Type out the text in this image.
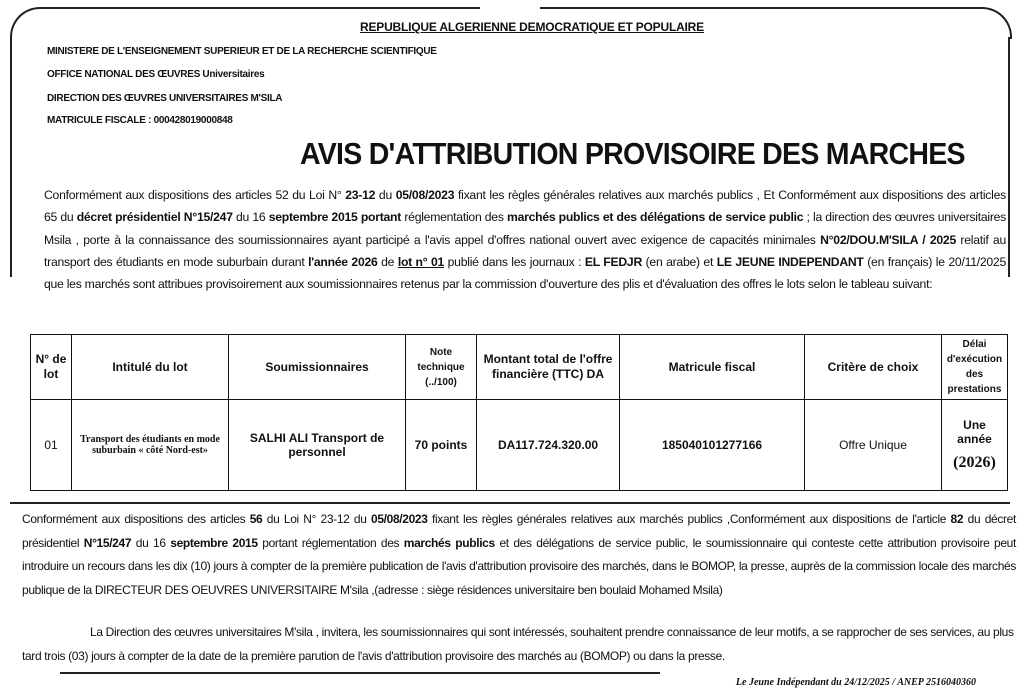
REPUBLIQUE ALGERIENNE DEMOCRATIQUE ET POPULAIRE
MINISTERE DE L'ENSEIGNEMENT SUPERIEUR ET DE LA RECHERCHE SCIENTIFIQUE
OFFICE NATIONAL DES ŒUVRES Universitaires
DIRECTION DES ŒUVRES UNIVERSITAIRES M'SILA
MATRICULE FISCALE : 000428019000848
AVIS D'ATTRIBUTION PROVISOIRE DES MARCHES
Conformément aux dispositions des articles 52 du Loi N° 23-12 du 05/08/2023 fixant les règles générales relatives aux marchés publics , Et Conformément aux dispositions des articles 65 du décret présidentiel N°15/247 du 16 septembre 2015 portant réglementation des marchés publics et des délégations de service public ; la direction des œuvres universitaires Msila , porte à la connaissance des soumissionnaires ayant participé a l'avis appel d'offres national ouvert avec exigence de capacités minimales N°02/DOU.M'SILA / 2025 relatif au transport des étudiants en mode suburbain durant l'année 2026 de lot n° 01 publié dans les journaux : EL FEDJR (en arabe) et LE JEUNE INDEPENDANT (en français) le 20/11/2025 que les marchés sont attribues provisoirement aux soumissionnaires retenus par la commission d'ouverture des plis et d'évaluation des offres le lots selon le tableau suivant:
N° de lot	Intitulé du lot	Soumissionnaires	Note technique (../100)	Montant total de l'offre financière (TTC) DA	Matricule fiscal	Critère de choix	Délai d'exécution des prestations
01	Transport des étudiants en mode suburbain « côté Nord-est»	SALHI ALI Transport de personnel	70 points	DA117.724.320.00	185040101277166	Offre Unique	Une année
(2026)
Conformément aux dispositions des articles 56 du Loi N° 23-12 du 05/08/2023 fixant les règles générales relatives aux marchés publics ,Conformément aux dispositions de l'article 82 du décret présidentiel N°15/247 du 16 septembre 2015 portant réglementation des marchés publics et des délégations de service public, le soumissionnaire qui conteste cette attribution provisoire peut introduire un recours dans les dix (10) jours à compter de la première publication de l'avis d'attribution provisoire des marchés, dans le BOMOP, la presse, auprès de la commission locale des marchés publique de la DIRECTEUR DES OEUVRES UNIVERSITAIRE M'sila ,(adresse : siège résidences universitaire ben boulaid Mohamed Msila)
La Direction des œuvres universitaires M'sila , invitera, les soumissionnaires qui sont intéressés, souhaitent prendre connaissance de leur motifs, a se rapprocher de ses services, au plus tard trois (03) jours à compter de la date de la première parution de l'avis d'attribution provisoire des marchés au (BOMOP) ou dans la presse.
Le Jeune Indépendant du 24/12/2025 / ANEP 2516040360
